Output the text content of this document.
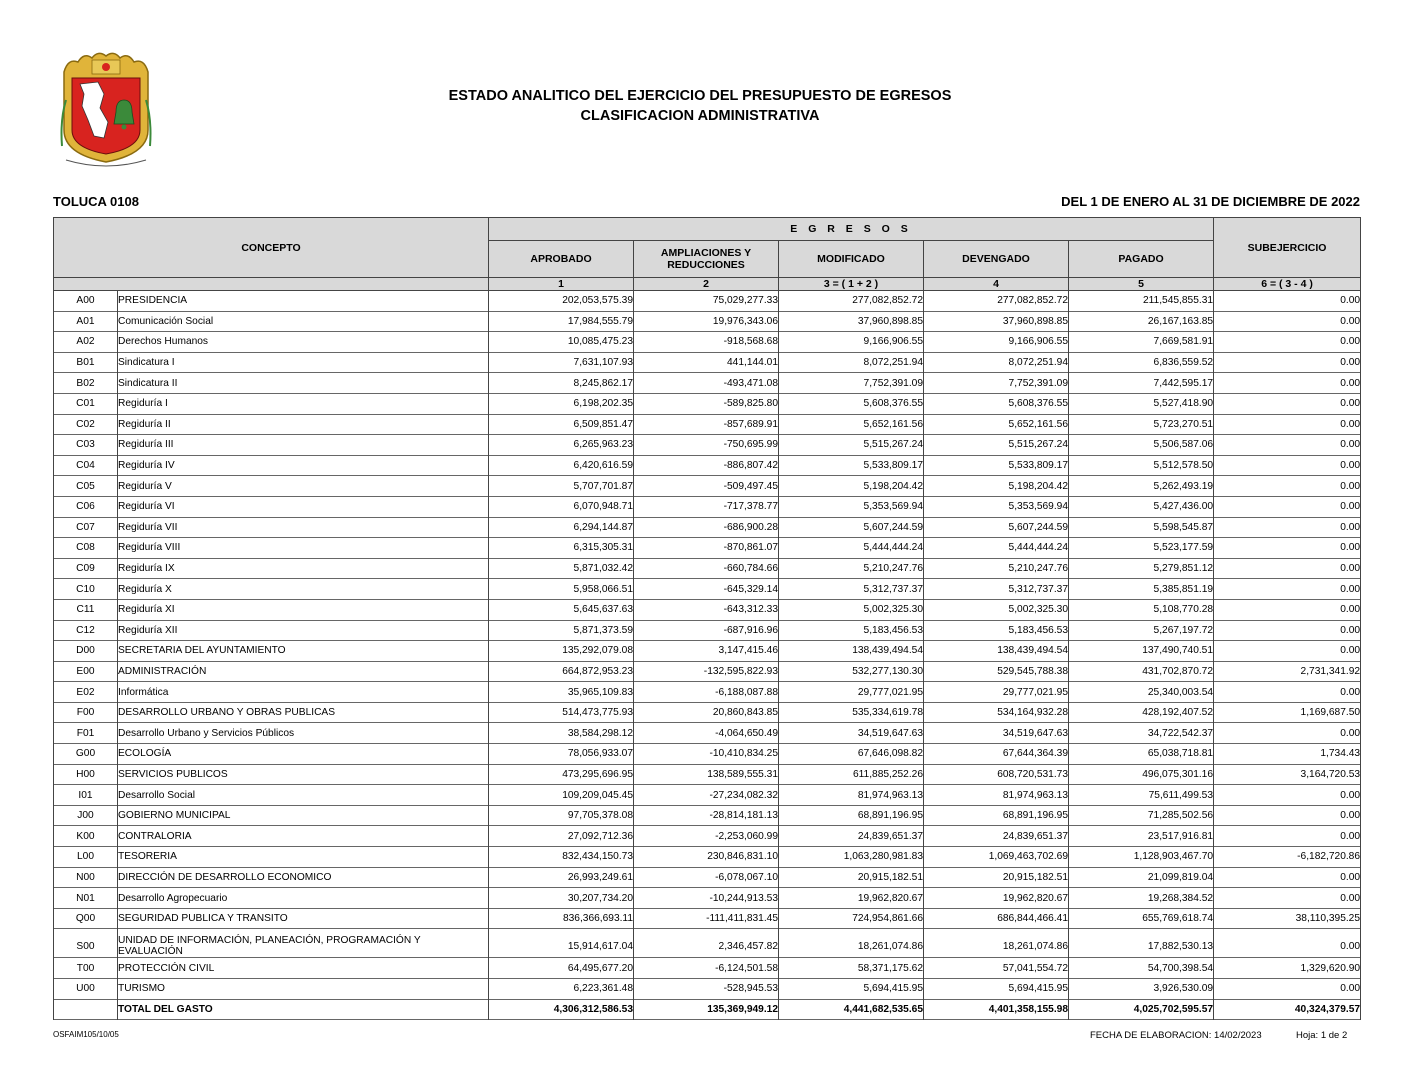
ESTADO ANALITICO DEL EJERCICIO DEL PRESUPUESTO DE EGRESOS
CLASIFICACION ADMINISTRATIVA
TOLUCA 0108	DEL 1 DE ENERO AL 31 DE DICIEMBRE DE 2022
CONCEPTO		E G R E S O S					SUBEJERCICIO
		APROBADO	AMPLIACIONES Y REDUCCIONES	MODIFICADO	DEVENGADO	PAGADO	
		1	2	3 = ( 1 + 2 )	4	5	6 = ( 3 - 4 )
A00	PRESIDENCIA	202,053,575.39	75,029,277.33	277,082,852.72	277,082,852.72	211,545,855.31	0.00
A01	Comunicación Social	17,984,555.79	19,976,343.06	37,960,898.85	37,960,898.85	26,167,163.85	0.00
A02	Derechos Humanos	10,085,475.23	-918,568.68	9,166,906.55	9,166,906.55	7,669,581.91	0.00
B01	Sindicatura I	7,631,107.93	441,144.01	8,072,251.94	8,072,251.94	6,836,559.52	0.00
B02	Sindicatura II	8,245,862.17	-493,471.08	7,752,391.09	7,752,391.09	7,442,595.17	0.00
C01	Regiduría I	6,198,202.35	-589,825.80	5,608,376.55	5,608,376.55	5,527,418.90	0.00
C02	Regiduría II	6,509,851.47	-857,689.91	5,652,161.56	5,652,161.56	5,723,270.51	0.00
C03	Regiduría III	6,265,963.23	-750,695.99	5,515,267.24	5,515,267.24	5,506,587.06	0.00
C04	Regiduría IV	6,420,616.59	-886,807.42	5,533,809.17	5,533,809.17	5,512,578.50	0.00
C05	Regiduría V	5,707,701.87	-509,497.45	5,198,204.42	5,198,204.42	5,262,493.19	0.00
C06	Regiduría VI	6,070,948.71	-717,378.77	5,353,569.94	5,353,569.94	5,427,436.00	0.00
C07	Regiduría VII	6,294,144.87	-686,900.28	5,607,244.59	5,607,244.59	5,598,545.87	0.00
C08	Regiduría VIII	6,315,305.31	-870,861.07	5,444,444.24	5,444,444.24	5,523,177.59	0.00
C09	Regiduría IX	5,871,032.42	-660,784.66	5,210,247.76	5,210,247.76	5,279,851.12	0.00
C10	Regiduría X	5,958,066.51	-645,329.14	5,312,737.37	5,312,737.37	5,385,851.19	0.00
C11	Regiduría XI	5,645,637.63	-643,312.33	5,002,325.30	5,002,325.30	5,108,770.28	0.00
C12	Regiduría XII	5,871,373.59	-687,916.96	5,183,456.53	5,183,456.53	5,267,197.72	0.00
D00	SECRETARIA DEL AYUNTAMIENTO	135,292,079.08	3,147,415.46	138,439,494.54	138,439,494.54	137,490,740.51	0.00
E00	ADMINISTRACIÓN	664,872,953.23	-132,595,822.93	532,277,130.30	529,545,788.38	431,702,870.72	2,731,341.92
E02	Informática	35,965,109.83	-6,188,087.88	29,777,021.95	29,777,021.95	25,340,003.54	0.00
F00	DESARROLLO URBANO Y OBRAS PUBLICAS	514,473,775.93	20,860,843.85	535,334,619.78	534,164,932.28	428,192,407.52	1,169,687.50
F01	Desarrollo Urbano y Servicios Públicos	38,584,298.12	-4,064,650.49	34,519,647.63	34,519,647.63	34,722,542.37	0.00
G00	ECOLOGÍA	78,056,933.07	-10,410,834.25	67,646,098.82	67,644,364.39	65,038,718.81	1,734.43
H00	SERVICIOS PUBLICOS	473,295,696.95	138,589,555.31	611,885,252.26	608,720,531.73	496,075,301.16	3,164,720.53
I01	Desarrollo Social	109,209,045.45	-27,234,082.32	81,974,963.13	81,974,963.13	75,611,499.53	0.00
J00	GOBIERNO MUNICIPAL	97,705,378.08	-28,814,181.13	68,891,196.95	68,891,196.95	71,285,502.56	0.00
K00	CONTRALORIA	27,092,712.36	-2,253,060.99	24,839,651.37	24,839,651.37	23,517,916.81	0.00
L00	TESORERIA	832,434,150.73	230,846,831.10	1,063,280,981.83	1,069,463,702.69	1,128,903,467.70	-6,182,720.86
N00	DIRECCIÓN DE DESARROLLO ECONOMICO	26,993,249.61	-6,078,067.10	20,915,182.51	20,915,182.51	21,099,819.04	0.00
N01	Desarrollo Agropecuario	30,207,734.20	-10,244,913.53	19,962,820.67	19,962,820.67	19,268,384.52	0.00
Q00	SEGURIDAD PUBLICA Y TRANSITO	836,366,693.11	-111,411,831.45	724,954,861.66	686,844,466.41	655,769,618.74	38,110,395.25
S00	UNIDAD DE INFORMACIÓN, PLANEACIÓN, PROGRAMACIÓN Y EVALUACIÓN	15,914,617.04	2,346,457.82	18,261,074.86	18,261,074.86	17,882,530.13	0.00
T00	PROTECCIÓN CIVIL	64,495,677.20	-6,124,501.58	58,371,175.62	57,041,554.72	54,700,398.54	1,329,620.90
U00	TURISMO	6,223,361.48	-528,945.53	5,694,415.95	5,694,415.95	3,926,530.09	0.00
	TOTAL DEL GASTO	4,306,312,586.53	135,369,949.12	4,441,682,535.65	4,401,358,155.98	4,025,702,595.57	40,324,379.57
OSFAIM105/10/05	FECHA DE ELABORACION: 14/02/2023	Hoja: 1 de 2
